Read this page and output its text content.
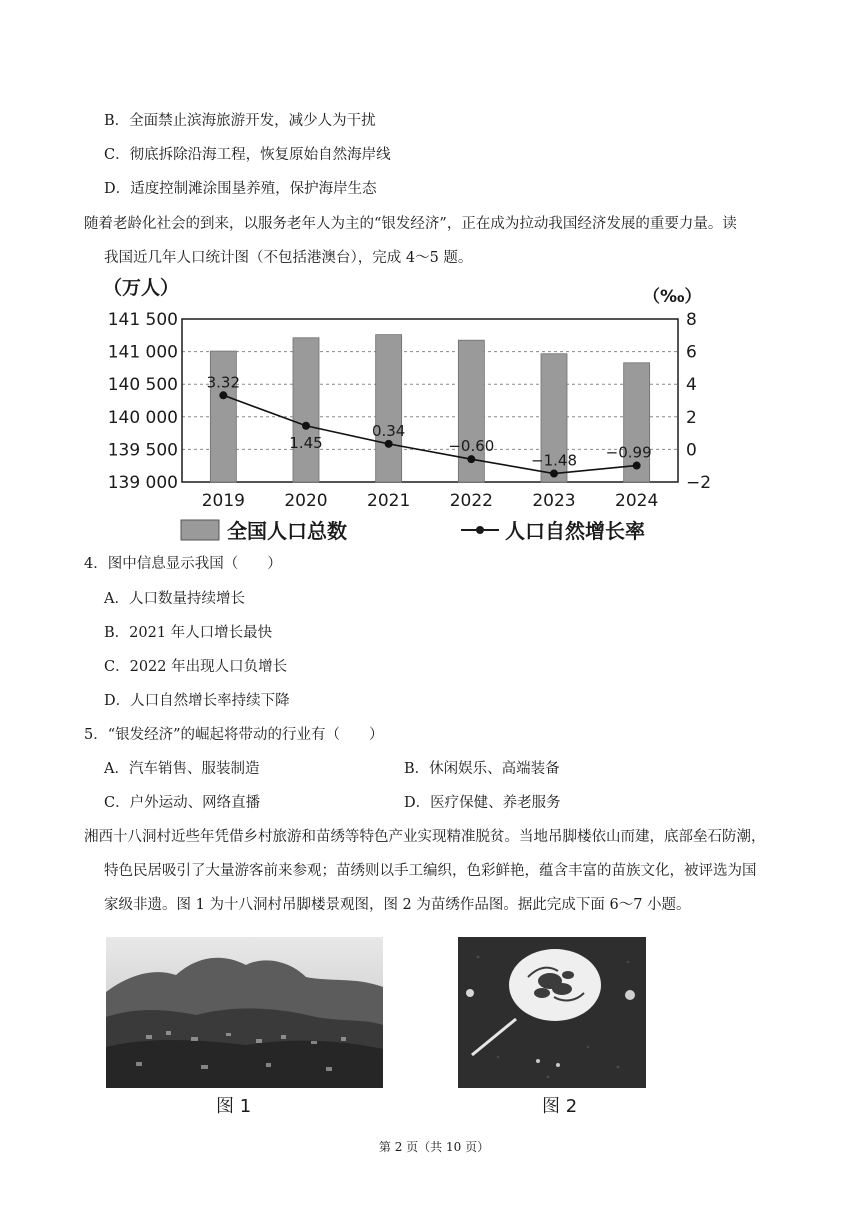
B．全面禁止滨海旅游开发，减少人为干扰
C．彻底拆除沿海工程，恢复原始自然海岸线
D．适度控制滩涂围垦养殖，保护海岸生态
随着老龄化社会的到来，以服务老年人为主的“银发经济”，正在成为拉动我国经济发展的重要力量。读
我国近几年人口统计图（不包括港澳台），完成 4～5 题。
（万人）	（‰）
141 500
141 000
140 500
140 000
139 500
139 000
8
6
4
2
0
−2
2019 2020 2021 2022 2023 2024
3.32
1.45
0.34
−0.60
−1.48 −0.99
全国人口总数	人口自然增长率
4．图中信息显示我国（　　）
A．人口数量持续增长
B．2021 年人口增长最快
C．2022 年出现人口负增长
D．人口自然增长率持续下降
5．“银发经济”的崛起将带动的行业有（　　）
A．汽车销售、服装制造	B．休闲娱乐、高端装备
C．户外运动、网络直播	D．医疗保健、养老服务
湘西十八洞村近些年凭借乡村旅游和苗绣等特色产业实现精准脱贫。当地吊脚楼依山而建，底部垒石防潮，
特色民居吸引了大量游客前来参观；苗绣则以手工编织，色彩鲜艳，蕴含丰富的苗族文化，被评选为国
家级非遗。图 1 为十八洞村吊脚楼景观图，图 2 为苗绣作品图。据此完成下面 6～7 小题。
图 1	图 2
第 2 页（共 10 页）
